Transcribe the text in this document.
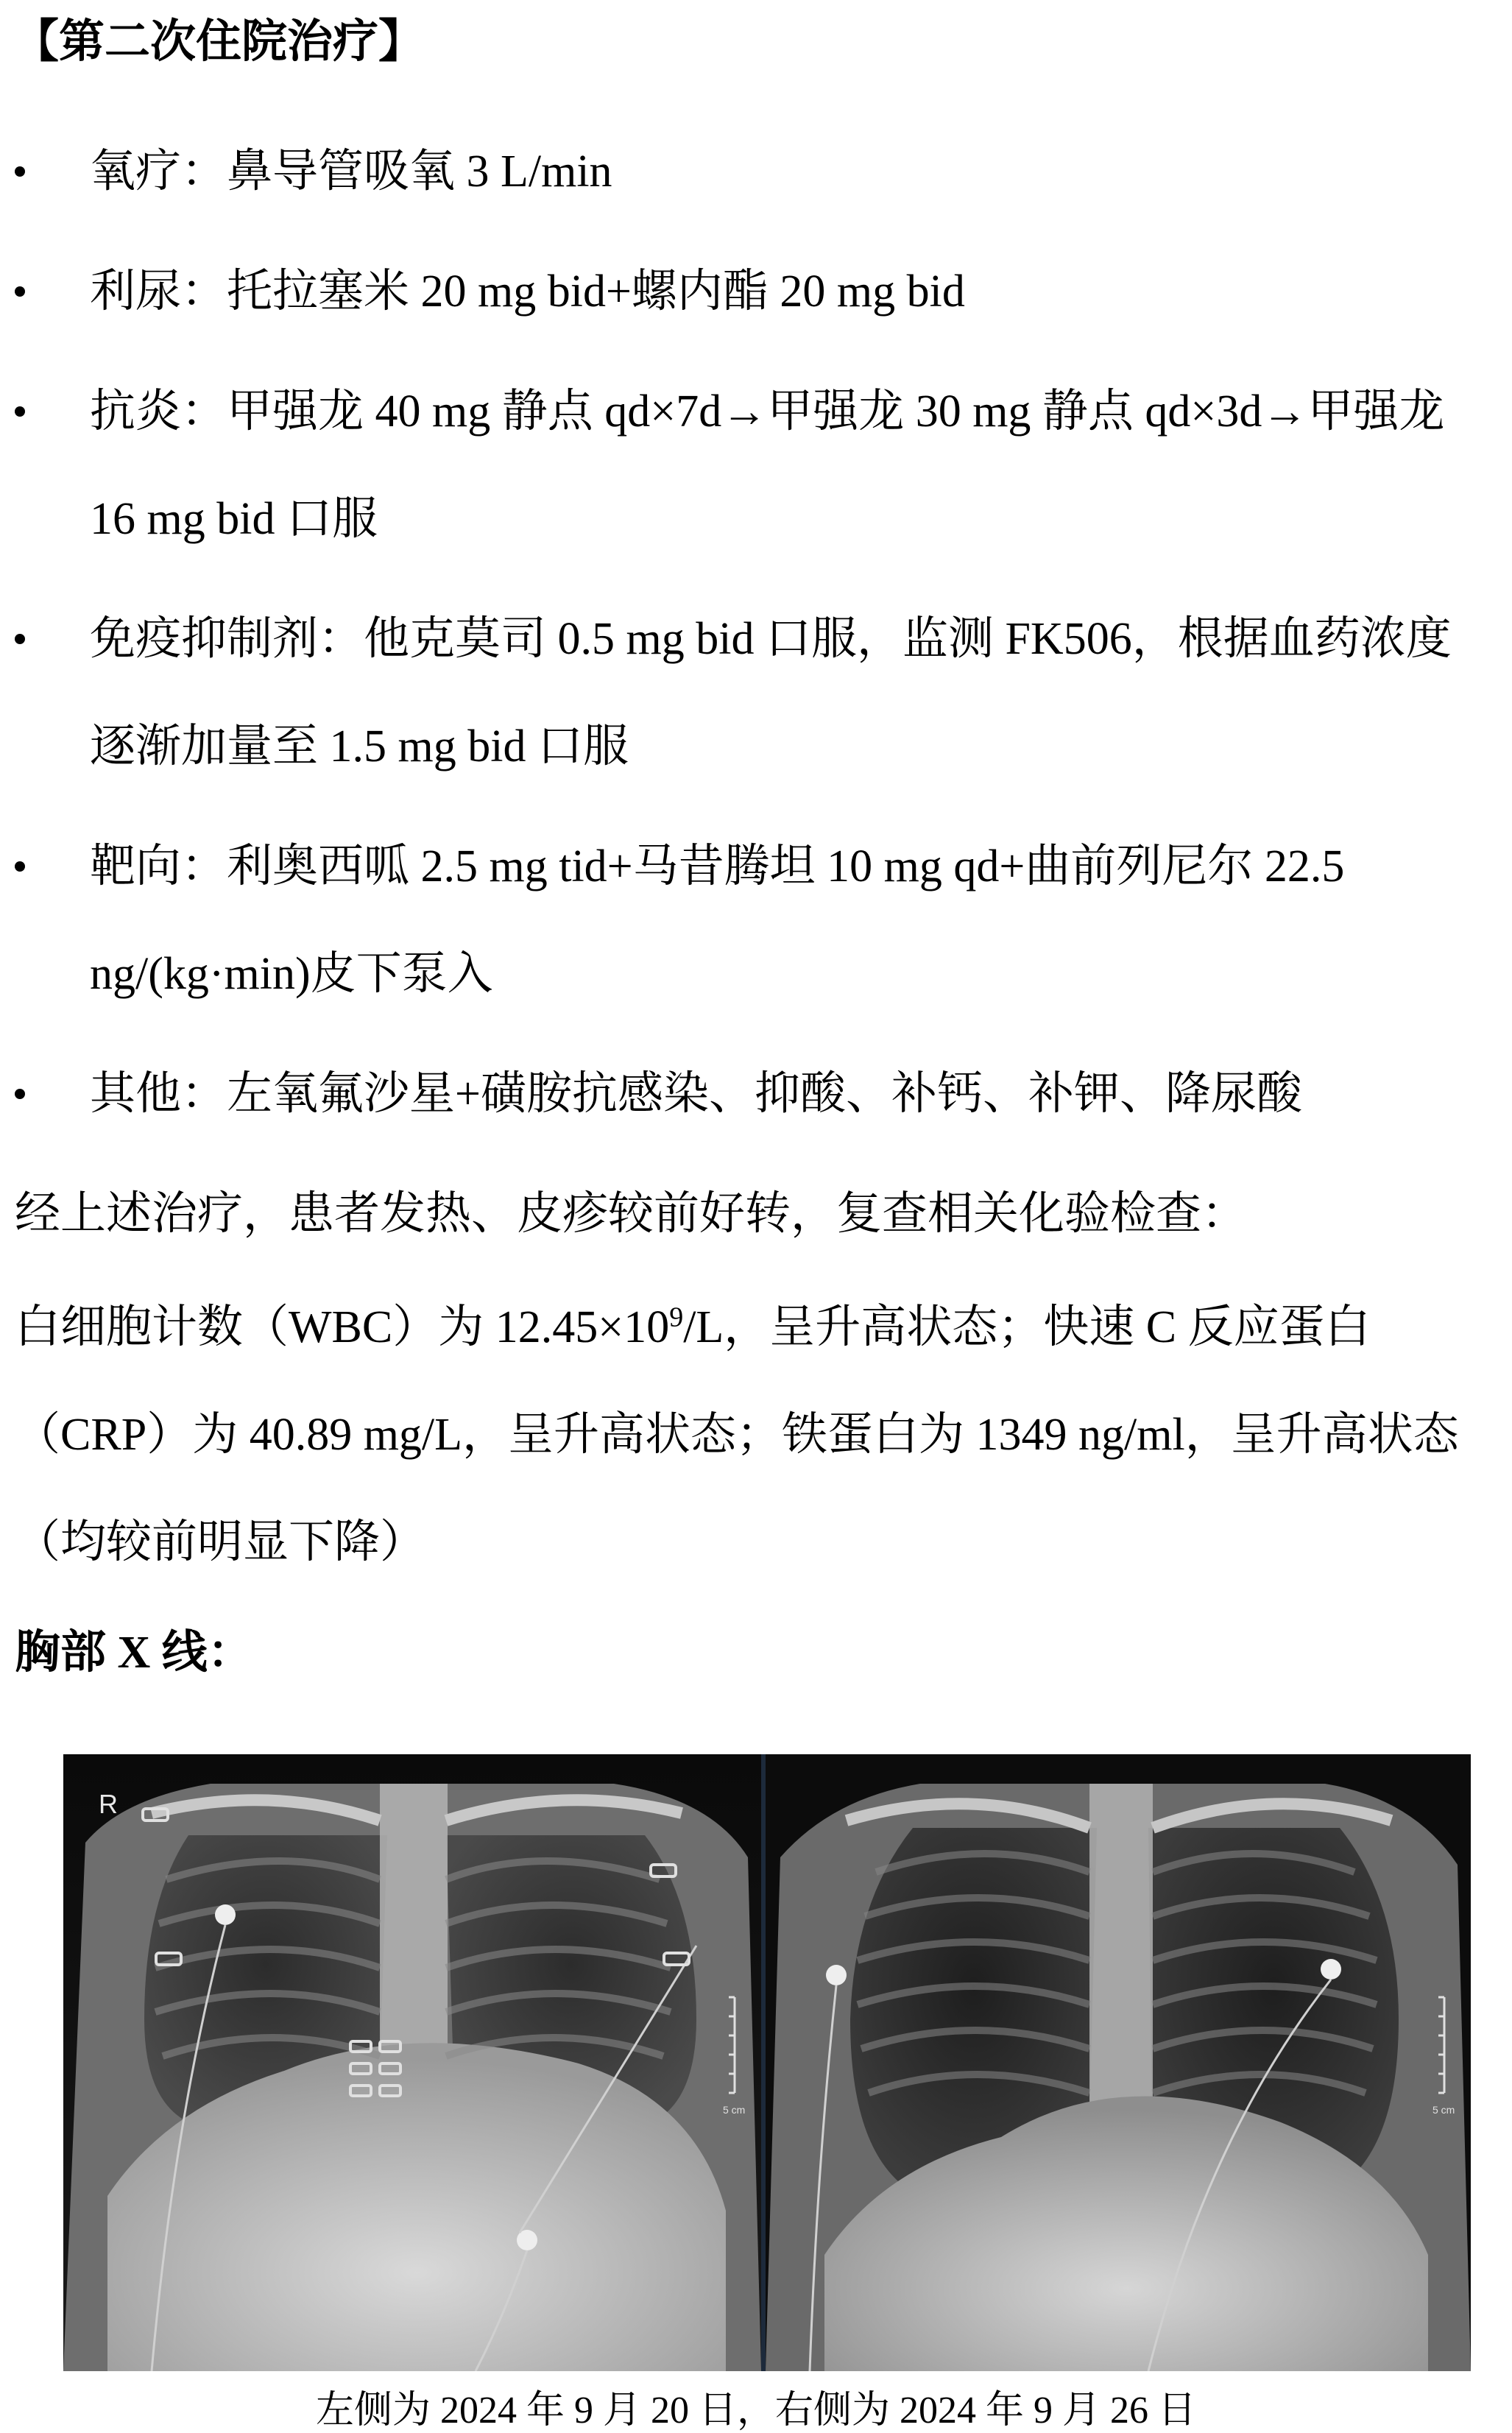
【第二次住院治疗】
氧疗：鼻导管吸氧 3 L/min
利尿：托拉塞米 20 mg bid+螺内酯 20 mg bid
抗炎：甲强龙 40 mg 静点 qd×7d→甲强龙 30 mg 静点 qd×3d→甲强龙 16 mg bid 口服
免疫抑制剂：他克莫司 0.5 mg bid 口服，监测 FK506，根据血药浓度逐渐加量至 1.5 mg bid 口服
靶向：利奥西呱 2.5 mg tid+马昔腾坦 10 mg qd+曲前列尼尔 22.5 ng/(kg·min)皮下泵入
其他：左氧氟沙星+磺胺抗感染、抑酸、补钙、补钾、降尿酸
经上述治疗，患者发热、皮疹较前好转，复查相关化验检查：
白细胞计数（WBC）为 $12.45\times 10^9/L$，呈升高状态；快速 C 反应蛋白（CRP）为 40.89 mg/L，呈升高状态；铁蛋白为 1349 ng/ml，呈升高状态（均较前明显下降）
胸部 X 线：
5 cm
R
5 cm
左侧为 2024 年 9 月 20 日，右侧为 2024 年 9 月 26 日
